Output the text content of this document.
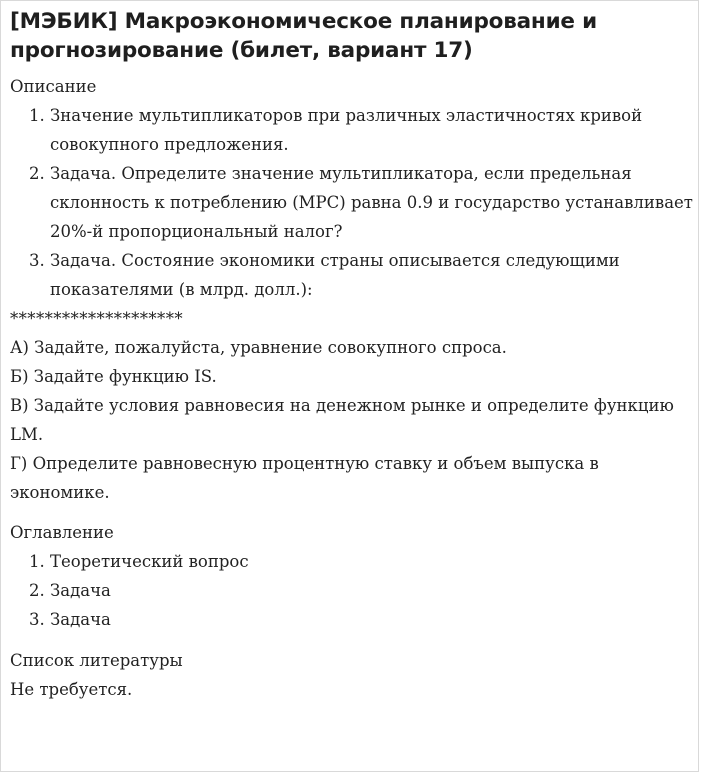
[МЭБИК] Макроэкономическое планирование и прогнозирование (билет, вариант 17)

Описание

1. Значение мультипликаторов при различных эластичностях кривой совокупного предложения.
2. Задача. Определите значение мультипликатора, если предельная склонность к потреблению (MPC) равна 0.9 и государство устанавливает 20%-й пропорциональный налог?
3. Задача. Состояние экономики страны описывается следующими показателями (в млрд. долл.):

********************

А) Задайте, пожалуйста, уравнение совокупного спроса.

Б) Задайте функцию IS.

В) Задайте условия равновесия на денежном рынке и определите функцию LM.

Г) Определите равновесную процентную ставку и объем выпуска в экономике.

Оглавление

1. Теоретический вопрос
2. Задача
3. Задача

Список литературы

Не требуется.
